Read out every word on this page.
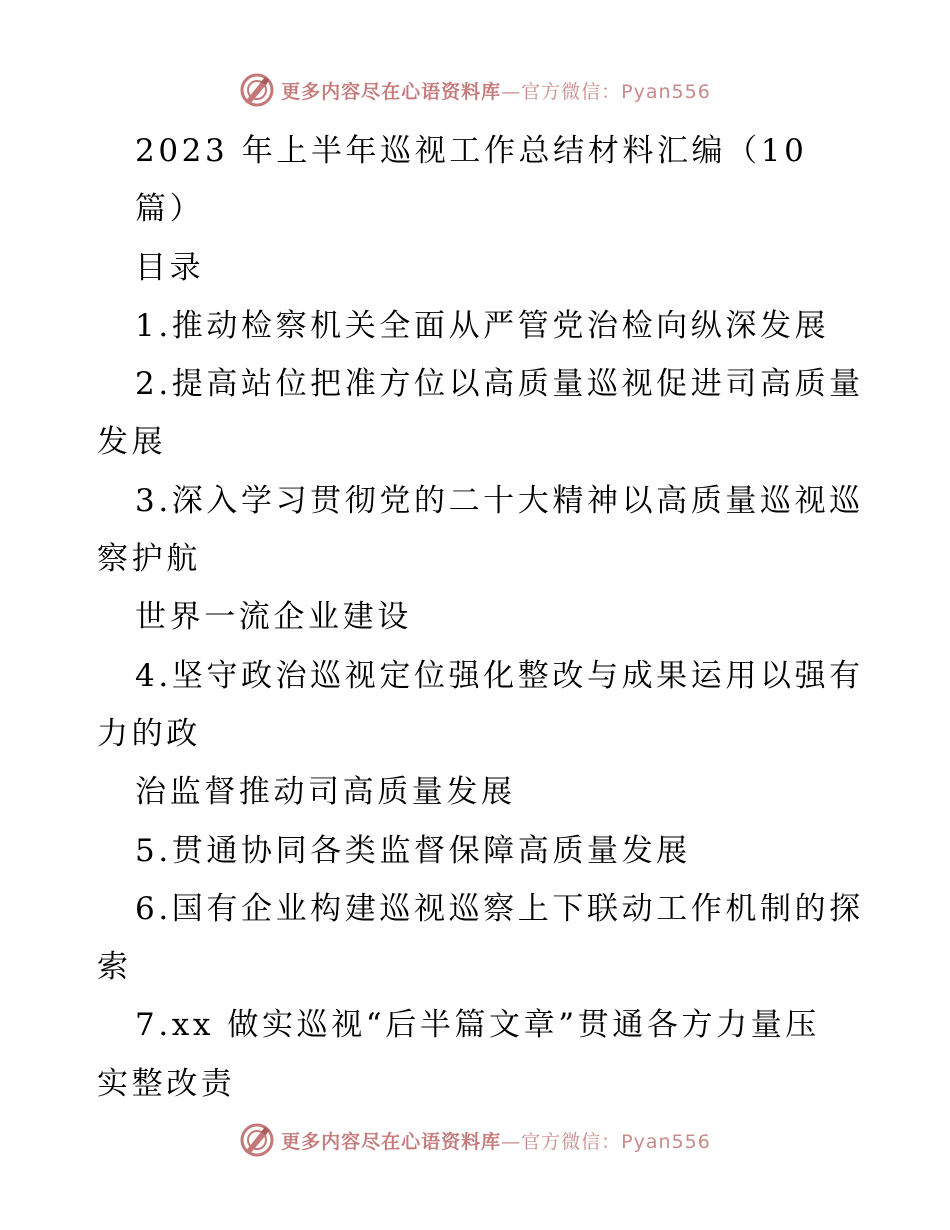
更多内容尽在心语资料库—官方微信：Pyan556
2023 年上半年巡视工作总结材料汇编（10
篇）
目录
1.推动检察机关全面从严管党治检向纵深发展
2.提高站位把准方位以高质量巡视促进司高质量
发展
3.深入学习贯彻党的二十大精神以高质量巡视巡
察护航
世界一流企业建设
4.坚守政治巡视定位强化整改与成果运用以强有
力的政
治监督推动司高质量发展
5.贯通协同各类监督保障高质量发展
6.国有企业构建巡视巡察上下联动工作机制的探
索
7.xx 做实巡视“后半篇文章”贯通各方力量压
实整改责
更多内容尽在心语资料库—官方微信：Pyan556
